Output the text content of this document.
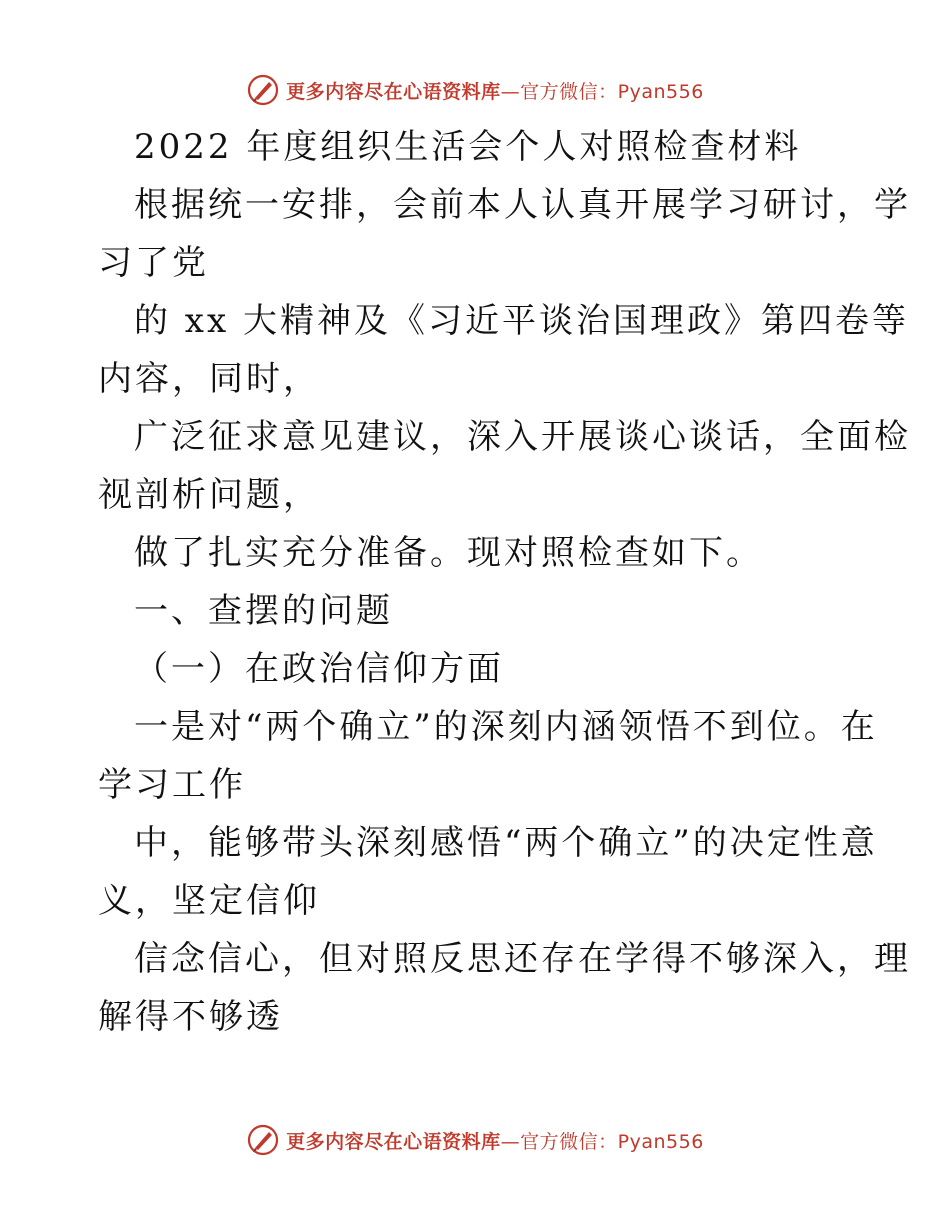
更多内容尽在心语资料库—官方微信：Pyan556
2022 年度组织生活会个人对照检查材料
根据统一安排，会前本人认真开展学习研讨，学
习了党
的 xx 大精神及《习近平谈治国理政》第四卷等
内容，同时，
广泛征求意见建议，深入开展谈心谈话，全面检
视剖析问题，
做了扎实充分准备。现对照检查如下。
一、查摆的问题
（一）在政治信仰方面
一是对“两个确立”的深刻内涵领悟不到位。在
学习工作
中，能够带头深刻感悟“两个确立”的决定性意
义，坚定信仰
信念信心，但对照反思还存在学得不够深入，理
解得不够透
更多内容尽在心语资料库—官方微信：Pyan556
